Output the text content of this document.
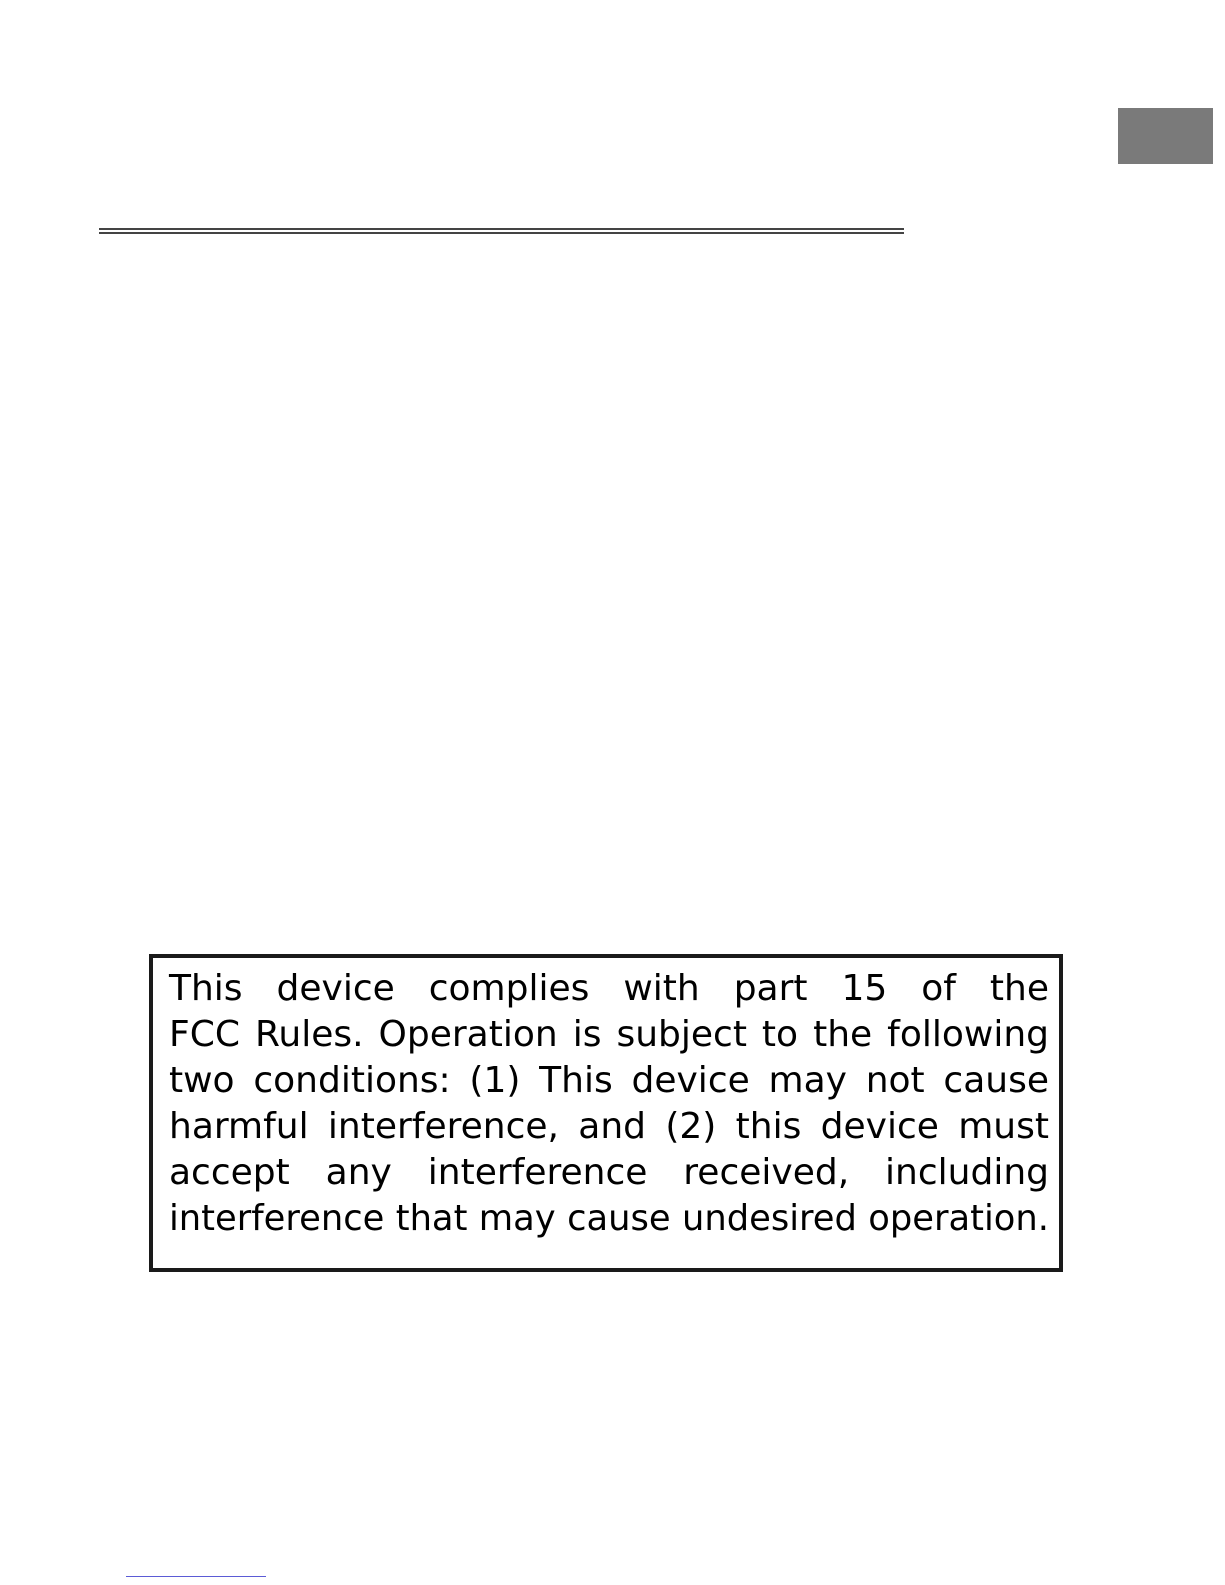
This device complies with part 15 of the
FCC Rules. Operation is subject to the following
two conditions: (1) This device may not cause
harmful interference, and (2) this device must
accept any interference received, including
interference that may cause undesired operation.
